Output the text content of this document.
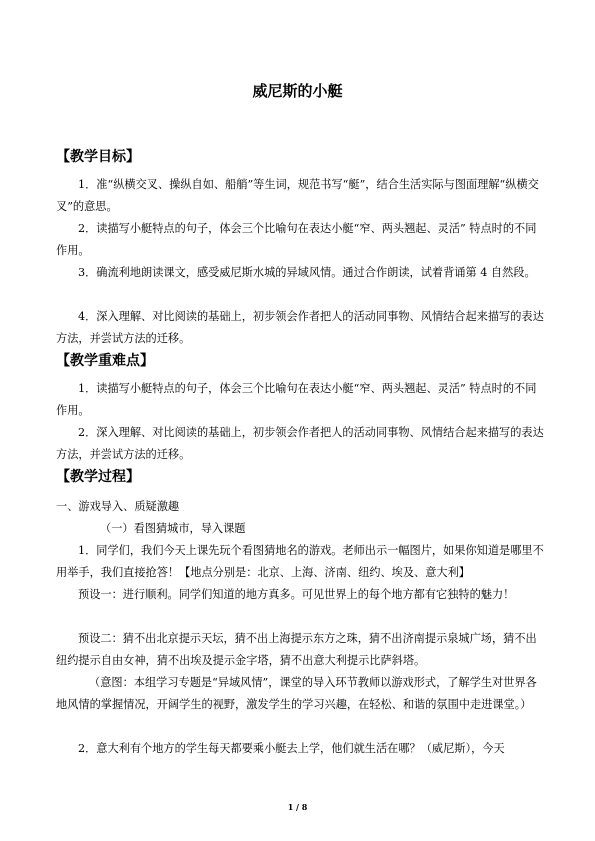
威尼斯的小艇
【教学目标】

1．准“纵横交叉、操纵自如、船艄”等生词，规范书写“艇”，结合生活实际与图面理解“纵横交叉”的意思。

2．读描写小艇特点的句子，体会三个比喻句在表达小艇“窄、两头翘起、灵活” 特点时的不同作用。

3．确流利地朗读课文，感受威尼斯水城的异域风情。通过合作朗读，试着背诵第 4 自然段。

4．深入理解、对比阅读的基础上，初步领会作者把人的活动同事物、风情结合起来描写的表达方法，并尝试方法的迁移。

【教学重难点】

1．读描写小艇特点的句子，体会三个比喻句在表达小艇“窄、两头翘起、灵活” 特点时的不同作用。

2．深入理解、对比阅读的基础上，初步领会作者把人的活动同事物、风情结合起来描写的表达方法，并尝试方法的迁移。

【教学过程】

一、游戏导入、质疑激趣

（一）看图猜城市，导入课题

1．同学们，我们今天上课先玩个看图猜地名的游戏。老师出示一幅图片，如果你知道是哪里不用举手，我们直接抢答！【地点分别是：北京、上海、济南、纽约、埃及、意大利】

预设一：进行顺利。同学们知道的地方真多。可见世界上的每个地方都有它独特的魅力！

预设二：猜不出北京提示天坛，猜不出上海提示东方之珠，猜不出济南提示泉城广场，猜不出纽约提示自由女神，猜不出埃及提示金字塔，猜不出意大利提示比萨斜塔。

（意图：本组学习专题是“异域风情”，课堂的导入环节教师以游戏形式，了解学生对世界各地风情的掌握情况，开阔学生的视野，激发学生的学习兴趣，在轻松、和谐的氛围中走进课堂。）

2．意大利有个地方的学生每天都要乘小艇去上学，他们就生活在哪？（威尼斯），今天

1 / 8
